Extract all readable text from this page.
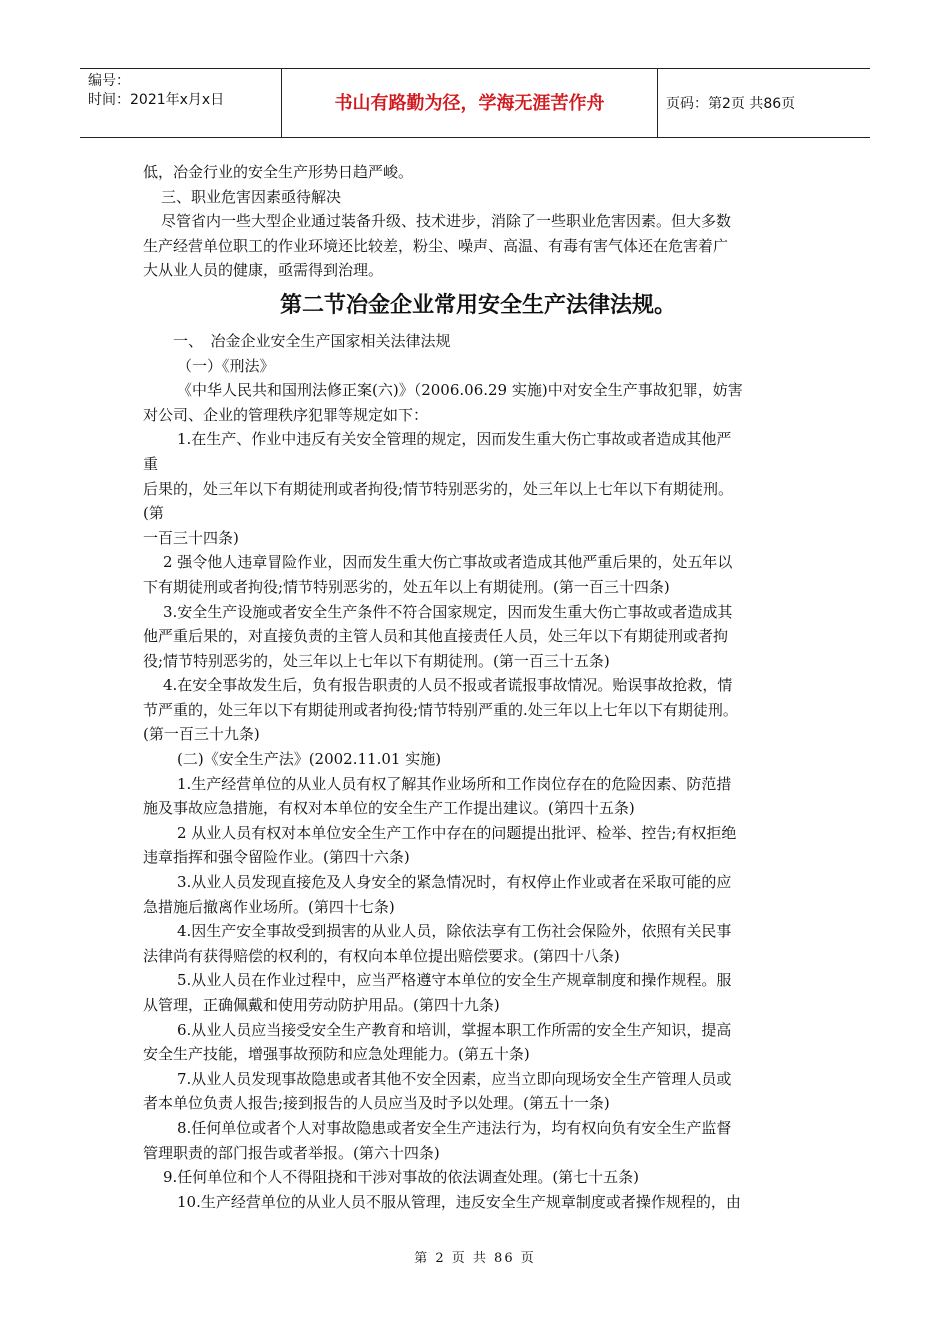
编号：
时间：2021年x月x日	书山有路勤为径，学海无涯苦作舟	页码：第2页 共86页

低，冶金行业的安全生产形势日趋严峻。

三、职业危害因素亟待解决

尽管省内一些大型企业通过装备升级、技术进步，消除了一些职业危害因素。但大多数

生产经营单位职工的作业环境还比较差，粉尘、噪声、高温、有毒有害气体还在危害着广

大从业人员的健康，亟需得到治理。

第二节冶金企业常用安全生产法律法规。

一、　冶金企业安全生产国家相关法律法规

（一）《刑法》

《中华人民共和国刑法修正案(六)》（2006.06.29 实施)中对安全生产事故犯罪，妨害

对公司、企业的管理秩序犯罪等规定如下：

1.在生产、作业中违反有关安全管理的规定，因而发生重大伤亡事故或者造成其他严

重

后果的，处三年以下有期徒刑或者拘役;情节特别恶劣的，处三年以上七年以下有期徒刑。

(第

一百三十四条)

2 强令他人违章冒险作业，因而发生重大伤亡事故或者造成其他严重后果的，处五年以

下有期徒刑或者拘役;情节特别恶劣的，处五年以上有期徒刑。(第一百三十四条)

3.安全生产设施或者安全生产条件不符合国家规定，因而发生重大伤亡事故或者造成其

他严重后果的，对直接负责的主管人员和其他直接责任人员，处三年以下有期徒刑或者拘

役;情节特别恶劣的，处三年以上七年以下有期徒刑。(第一百三十五条)

4.在安全事故发生后，负有报告职责的人员不报或者谎报事故情况。贻误事故抢救，情

节严重的，处三年以下有期徒刑或者拘役;情节特别严重的.处三年以上七年以下有期徒刑。

(第一百三十九条)

(二)《安全生产法》(2002.11.01 实施)

1.生产经营单位的从业人员有权了解其作业场所和工作岗位存在的危险因素、防范措

施及事故应急措施，有权对本单位的安全生产工作提出建议。(第四十五条)

2 从业人员有权对本单位安全生产工作中存在的问题提出批评、检举、控告;有权拒绝

违章指挥和强令留险作业。(第四十六条)

3.从业人员发现直接危及人身安全的紧急情况时，有权停止作业或者在采取可能的应

急措施后撤离作业场所。(第四十七条)

4.因生产安全事故受到损害的从业人员，除依法享有工伤社会保险外，依照有关民事

法律尚有获得赔偿的权利的，有权向本单位提出赔偿要求。(第四十八条)

5.从业人员在作业过程中，应当严格遵守本单位的安全生产规章制度和操作规程。服

从管理，正确佩戴和使用劳动防护用品。(第四十九条)

6.从业人员应当接受安全生产教育和培训，掌握本职工作所需的安全生产知识，提高

安全生产技能，增强事故预防和应急处理能力。(第五十条)

7.从业人员发现事故隐患或者其他不安全因素，应当立即向现场安全生产管理人员或

者本单位负责人报告;接到报告的人员应当及时予以处理。(第五十一条)

8.任何单位或者个人对事故隐患或者安全生产违法行为，均有权向负有安全生产监督

管理职责的部门报告或者举报。(第六十四条)

9.任何单位和个人不得阻挠和干涉对事故的依法调查处理。(第七十五条)

10.生产经营单位的从业人员不服从管理，违反安全生产规章制度或者操作规程的，由

第 2 页 共 86 页
